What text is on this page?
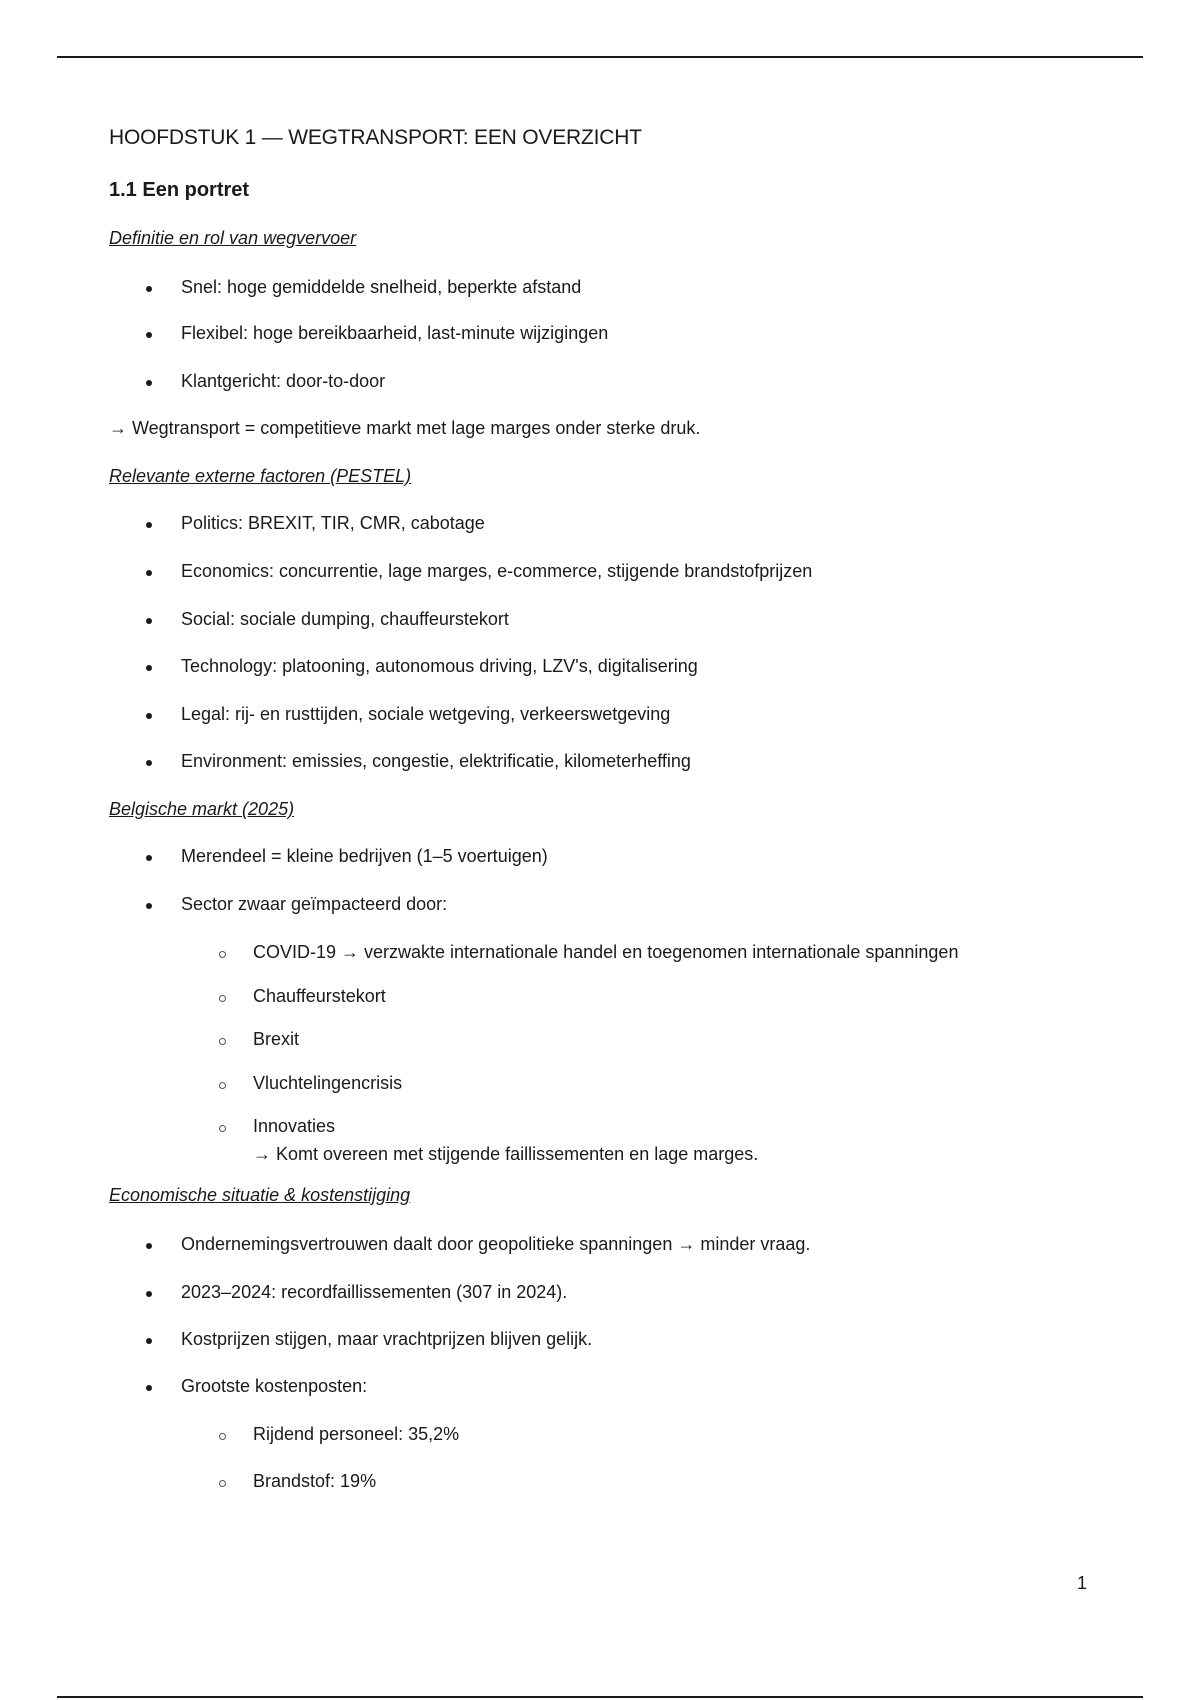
HOOFDSTUK 1 — WEGTRANSPORT: EEN OVERZICHT
1.1 Een portret
Definitie en rol van wegvervoer
Snel: hoge gemiddelde snelheid, beperkte afstand
Flexibel: hoge bereikbaarheid, last-minute wijzigingen
Klantgericht: door-to-door
→ Wegtransport = competitieve markt met lage marges onder sterke druk.
Relevante externe factoren (PESTEL)
Politics: BREXIT, TIR, CMR, cabotage
Economics: concurrentie, lage marges, e-commerce, stijgende brandstofprijzen
Social: sociale dumping, chauffeurstekort
Technology: platooning, autonomous driving, LZV's, digitalisering
Legal: rij- en rusttijden, sociale wetgeving, verkeerswetgeving
Environment: emissies, congestie, elektrificatie, kilometerheffing
Belgische markt (2025)
Merendeel = kleine bedrijven (1–5 voertuigen)
Sector zwaar geïmpacteerd door:
COVID-19 → verzwakte internationale handel en toegenomen internationale spanningen
Chauffeurstekort
Brexit
Vluchtelingencrisis
Innovaties
→ Komt overeen met stijgende faillissementen en lage marges.
Economische situatie & kostenstijging
Ondernemingsvertrouwen daalt door geopolitieke spanningen → minder vraag.
2023–2024: recordfaillissementen (307 in 2024).
Kostprijzen stijgen, maar vrachtprijzen blijven gelijk.
Grootste kostenposten:
Rijdend personeel: 35,2%
Brandstof: 19%
1
